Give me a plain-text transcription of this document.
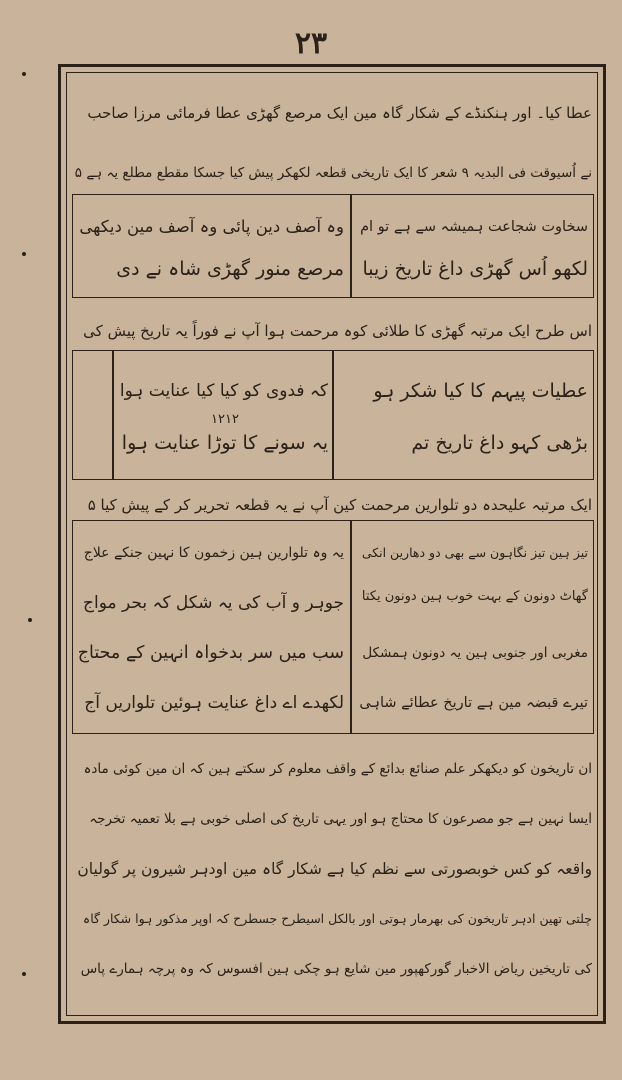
۲۳
عطا کیا۔ اور ہنکنڈے کے شکار گاہ مین ایک مرصع گھڑی عطا فرمائی مرزا صاحب
نے اُسیوقت فی البدیہ ۹ شعر کا ایک تاریخی قطعہ لکھکر پیش کیا جسکا مقطع مطلع یہ ہے ۵
سخاوت شجاعت ہمیشہ سے ہے تو ام
لکھو اُس گھڑی داغ تاریخ زیبا
وہ آصف دین پائی وہ آصف مین دیکھی
مرصع منور گھڑی شاہ نے دی
اس طرح ایک مرتبہ گھڑی کا طلائی کوہ مرحمت ہوا آپ نے فوراً یہ تاریخ پیش کی
عطیات پیہم کا کیا شکر ہو
بڑھی کہو داغ تاریخ تم
کہ فدوی کو کیا کیا عنایت ہوا
یہ سونے کا توڑا عنایت ہوا
۱۲۱۲
ایک مرتبہ علیحدہ دو تلوارین مرحمت کین آپ نے یہ قطعہ تحریر کر کے پیش کیا ۵
تیز ہین تیز نگاہون سے بھی دو دھارین انکی
گھاٹ دونون کے بہت خوب ہین دونون یکتا
مغربی اور جنوبی ہین یہ دونون ہمشکل
تیرے قبضہ مین ہے تاریخ عطائے شاہی
یہ وہ تلوارین ہین زخمون کا نہین جنکے علاج
جوہر و آب کی یہ شکل کہ بحر مواج
سب میں سر بدخواہ انہین کے محتاج
لکھدے اے داغ عنایت ہوئین تلواریں آج
ان تاریخون کو دیکھکر علم صنائع بدائع کے واقف معلوم کر سکتے ہین کہ ان مین کوئی مادہ
ایسا نہین ہے جو مصرعون کا محتاج ہو اور یہی تاریخ کی اصلی خوبی ہے بلا تعمیہ تخرجہ
واقعہ کو کس خوبصورتی سے نظم کیا ہے شکار گاہ مین اودہر شیرون پر گولیان
چلتی تھین ادہر تاریخون کی بھرمار ہوتی اور بالکل اسیطرح جسطرح کہ اوپر مذکور ہوا شکار گاہ
کی تاریخین ریاض الاخبار گورکھپور مین شایع ہو چکی ہین افسوس کہ وہ پرچہ ہمارے پاس
